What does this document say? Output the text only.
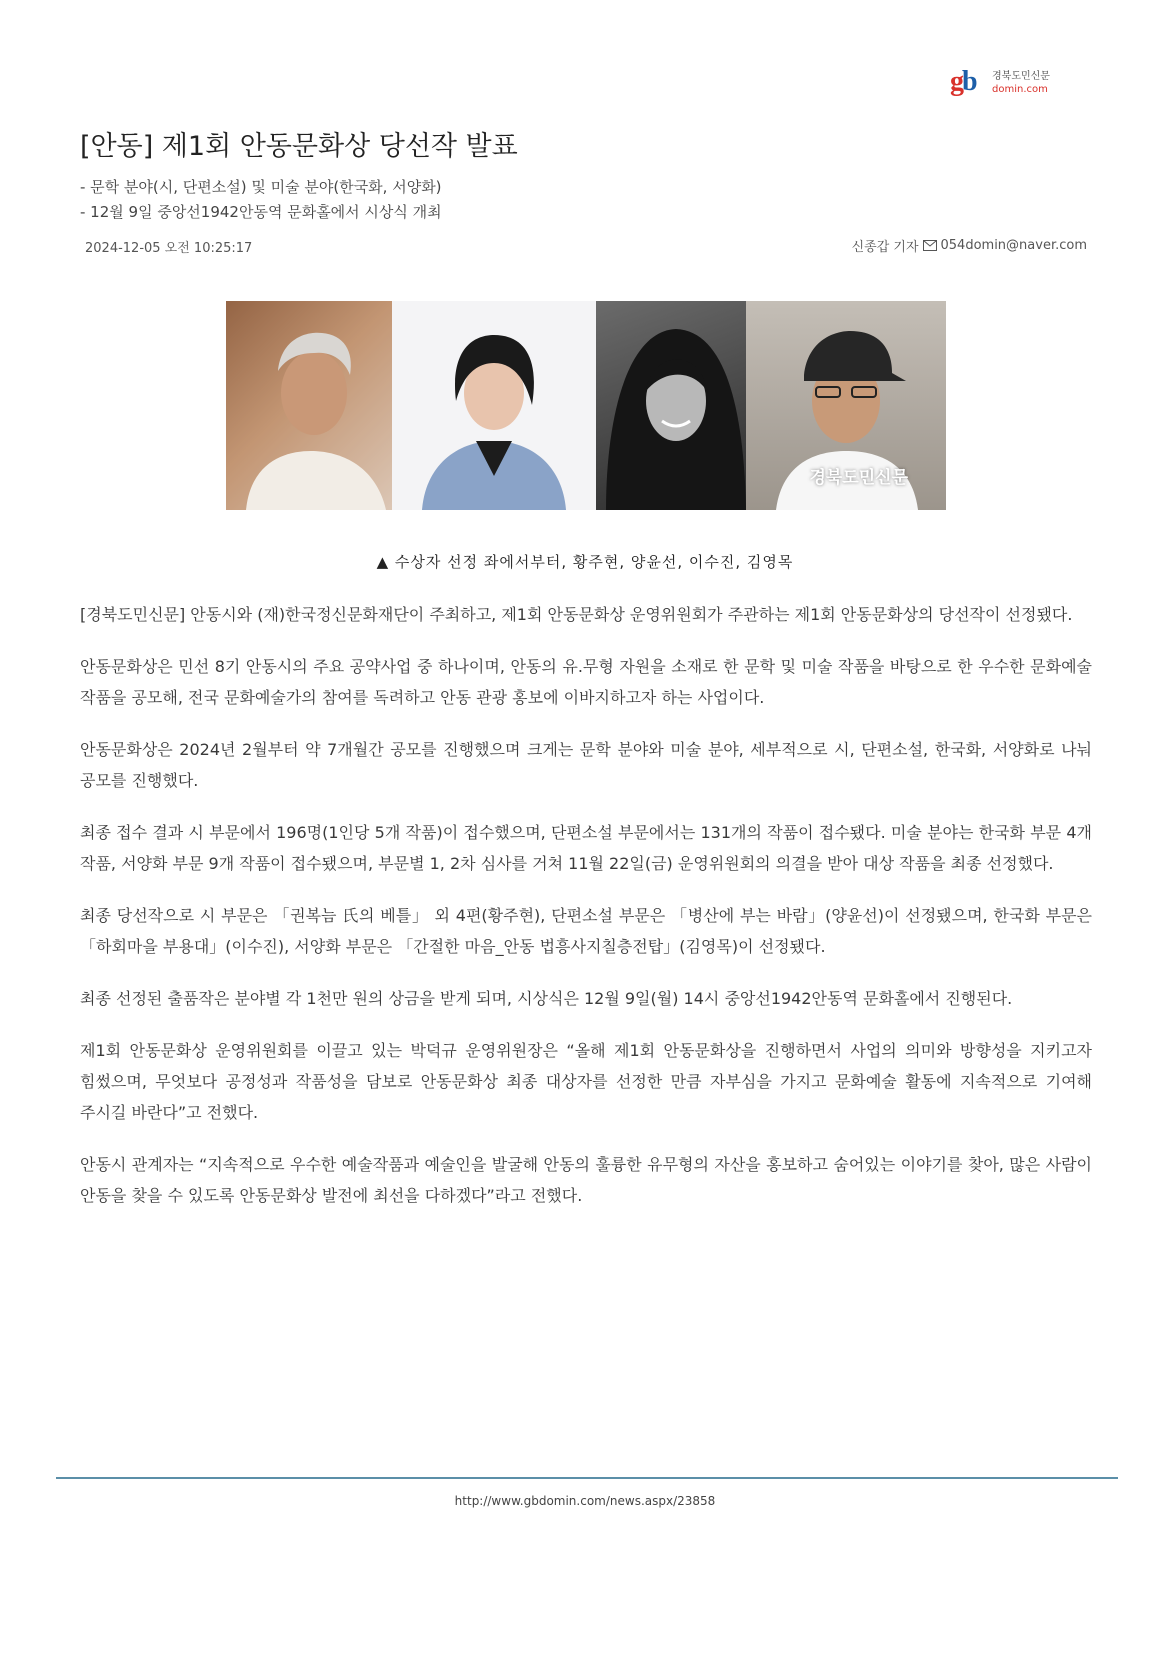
gb 경북도민신문
domin.com
[안동] 제1회 안동문화상 당선작 발표
- 문학 분야(시, 단편소설) 및 미술 분야(한국화, 서양화)
- 12월 9일 중앙선1942안동역 문화홀에서 시상식 개최
2024-12-05 오전 10:25:17	신종갑 기자 054domin@naver.com
경북도민신문
▲ 수상자 선정 좌에서부터, 황주현, 양윤선, 이수진, 김영목

[경북도민신문] 안동시와 (재)한국정신문화재단이 주최하고, 제1회 안동문화상 운영위원회가 주관하는 제1회 안동문화상의 당선작이 선정됐다.

안동문화상은 민선 8기 안동시의 주요 공약사업 중 하나이며, 안동의 유.무형 자원을 소재로 한 문학 및 미술 작품을 바탕으로 한 우수한 문화예술 작품을 공모해, 전국 문화예술가의 참여를 독려하고 안동 관광 홍보에 이바지하고자 하는 사업이다.

안동문화상은 2024년 2월부터 약 7개월간 공모를 진행했으며 크게는 문학 분야와 미술 분야, 세부적으로 시, 단편소설, 한국화, 서양화로 나눠 공모를 진행했다.

최종 접수 결과 시 부문에서 196명(1인당 5개 작품)이 접수했으며, 단편소설 부문에서는 131개의 작품이 접수됐다. 미술 분야는 한국화 부문 4개 작품, 서양화 부문 9개 작품이 접수됐으며, 부문별 1, 2차 심사를 거쳐 11월 22일(금) 운영위원회의 의결을 받아 대상 작품을 최종 선정했다.

최종 당선작으로 시 부문은 「권복늠 氏의 베틀」 외 4편(황주현), 단편소설 부문은 「병산에 부는 바람」(양윤선)이 선정됐으며, 한국화 부문은 「하회마을 부용대」(이수진), 서양화 부문은 「간절한 마음_안동 법흥사지칠층전탑」(김영목)이 선정됐다.

최종 선정된 출품작은 분야별 각 1천만 원의 상금을 받게 되며, 시상식은 12월 9일(월) 14시 중앙선1942안동역 문화홀에서 진행된다.

제1회 안동문화상 운영위원회를 이끌고 있는 박덕규 운영위원장은 “올해 제1회 안동문화상을 진행하면서 사업의 의미와 방향성을 지키고자 힘썼으며, 무엇보다 공정성과 작품성을 담보로 안동문화상 최종 대상자를 선정한 만큼 자부심을 가지고 문화예술 활동에 지속적으로 기여해 주시길 바란다”고 전했다.

안동시 관계자는 “지속적으로 우수한 예술작품과 예술인을 발굴해 안동의 훌륭한 유무형의 자산을 홍보하고 숨어있는 이야기를 찾아, 많은 사람이 안동을 찾을 수 있도록 안동문화상 발전에 최선을 다하겠다”라고 전했다.

http://www.gbdomin.com/news.aspx/23858
